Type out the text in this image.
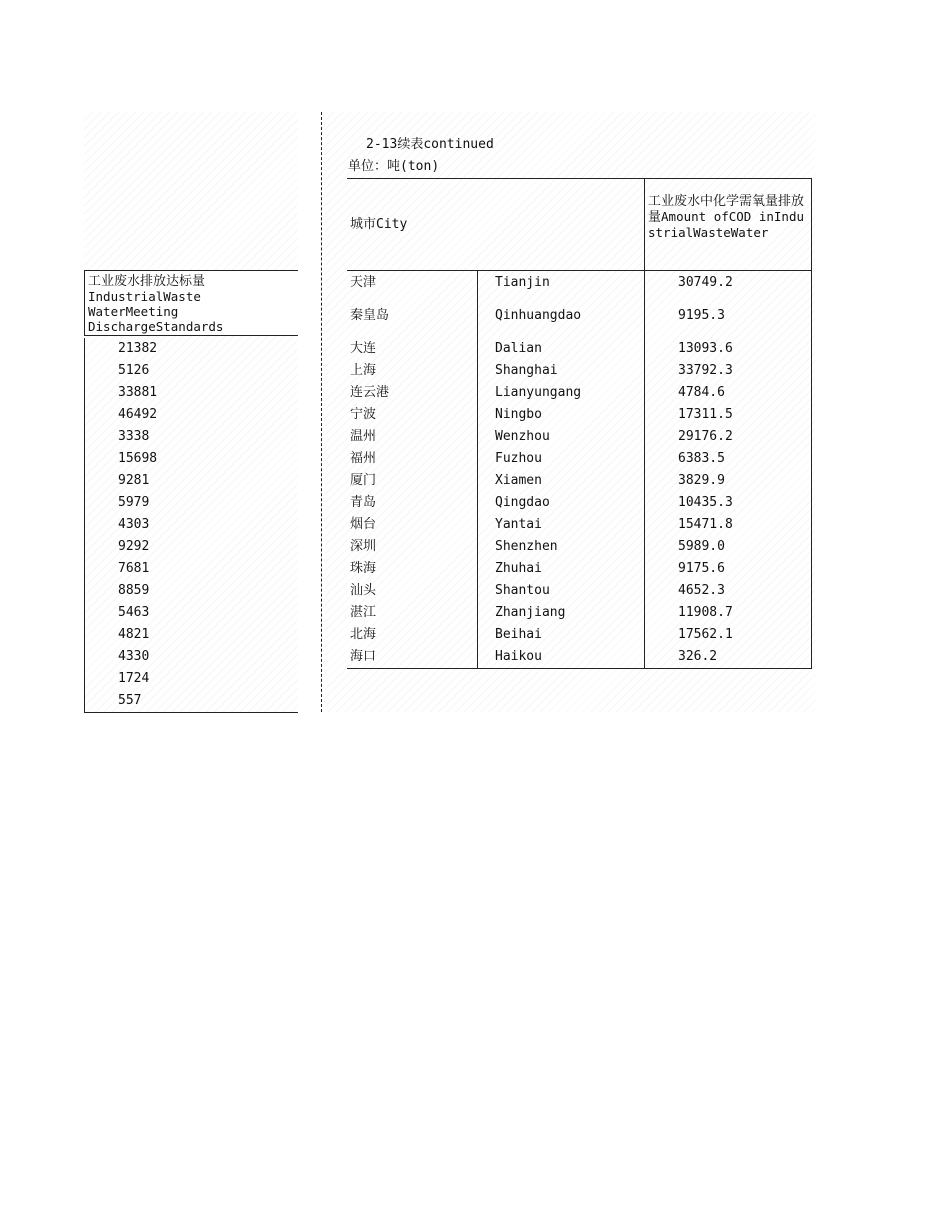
工业废水排放达标量
IndustrialWaste
WaterMeeting
DischargeStandards
21382
5126
33881
46492
3338
15698
9281
5979
4303
9292
7681
8859
5463
4821
4330
1724
557
2-13续表continued
单位：吨(ton)
城市City
工业废水中化学需氧量排放量Amount ofCOD inIndustrialWasteWater
天津	Tianjin	30749.2
秦皇岛	Qinhuangdao	9195.3
大连	Dalian	13093.6
上海	Shanghai	33792.3
连云港	Lianyungang	4784.6
宁波	Ningbo	17311.5
温州	Wenzhou	29176.2
福州	Fuzhou	6383.5
厦门	Xiamen	3829.9
青岛	Qingdao	10435.3
烟台	Yantai	15471.8
深圳	Shenzhen	5989.0
珠海	Zhuhai	9175.6
汕头	Shantou	4652.3
湛江	Zhanjiang	11908.7
北海	Beihai	17562.1
海口	Haikou	326.2
